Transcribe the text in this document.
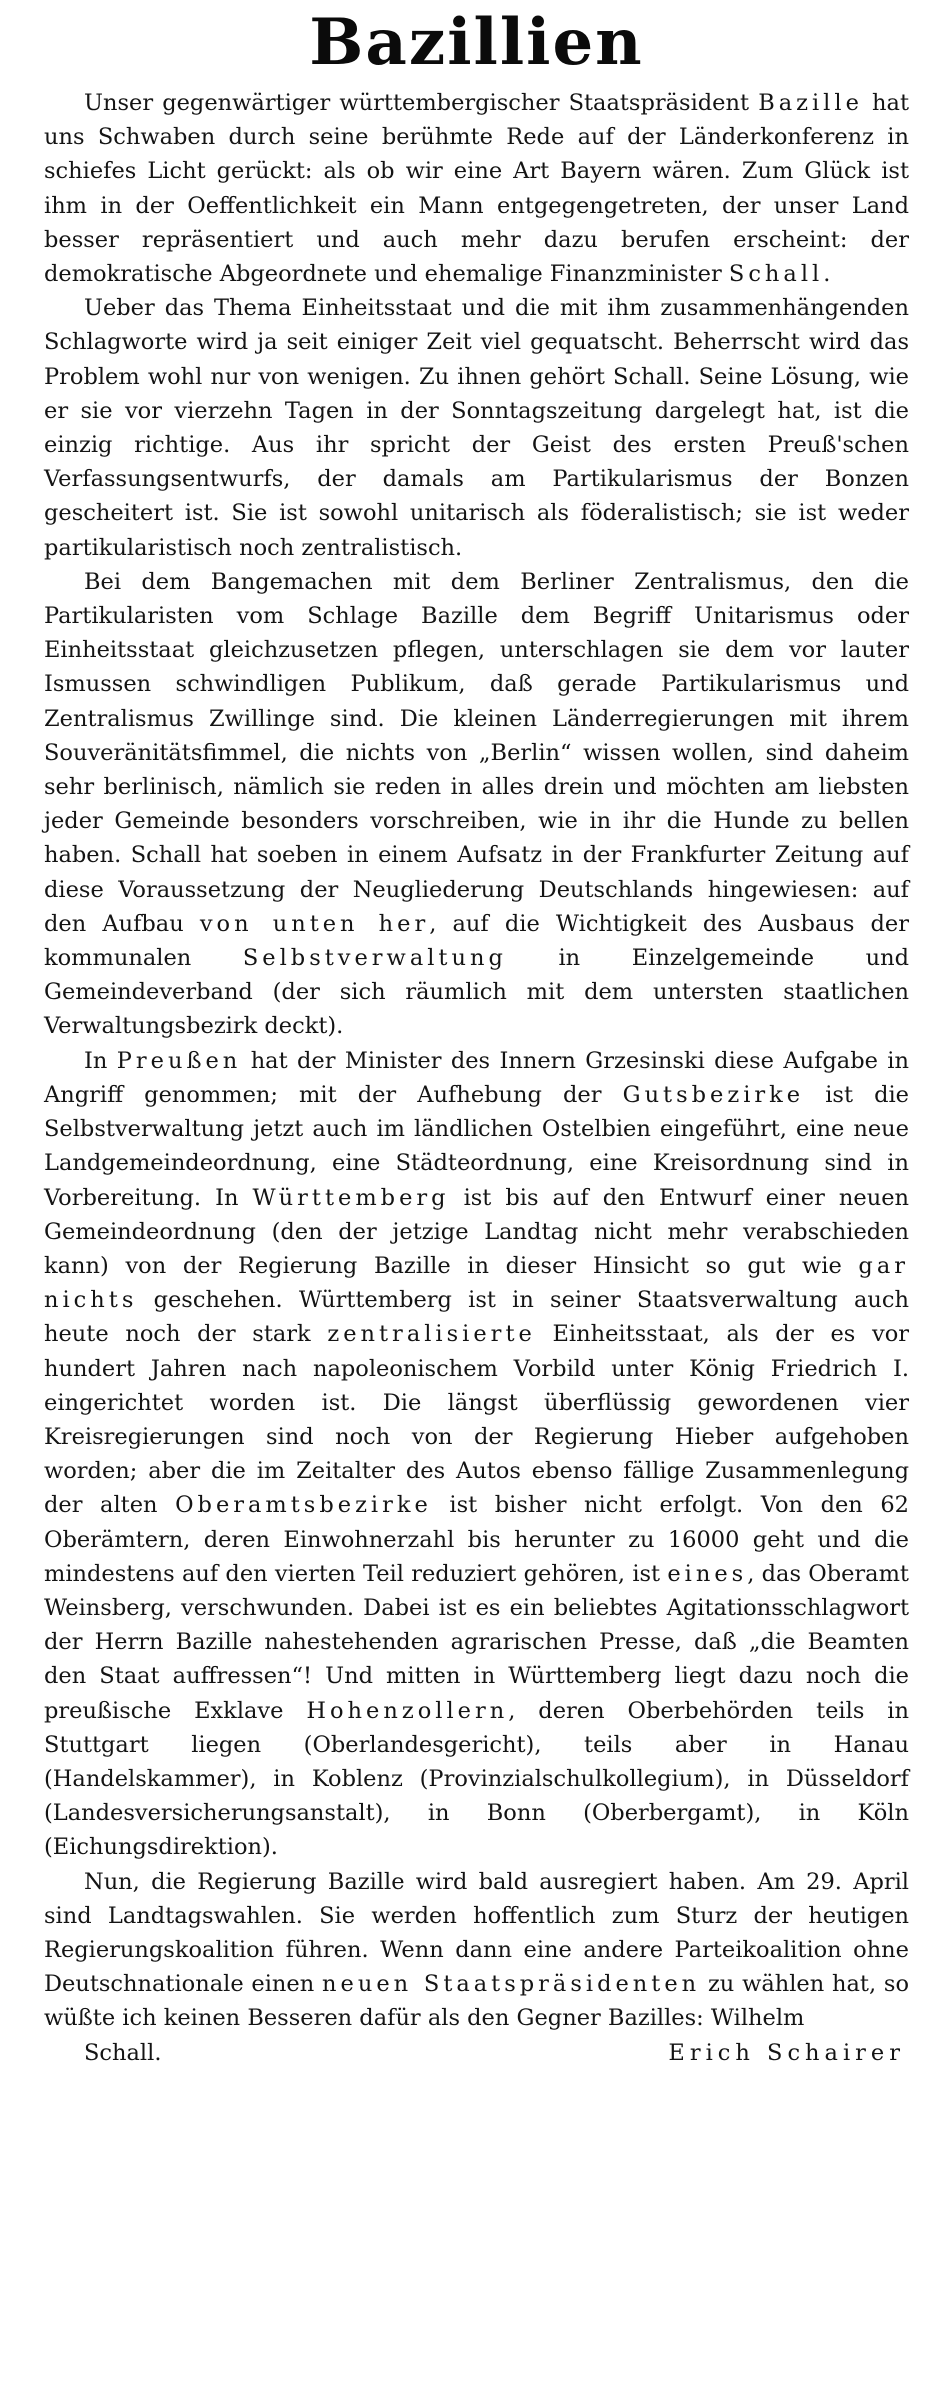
Bazillien

Unser gegenwärtiger württembergischer Staatspräsident Bazille hat uns Schwaben durch seine berühmte Rede auf der Länderkonferenz in schiefes Licht gerückt: als ob wir eine Art Bayern wären. Zum Glück ist ihm in der Oeffentlichkeit ein Mann entgegengetreten, der unser Land besser repräsentiert und auch mehr dazu berufen erscheint: der demokratische Abgeordnete und ehemalige Finanzminister Schall.

Ueber das Thema Einheitsstaat und die mit ihm zusammenhängenden Schlagworte wird ja seit einiger Zeit viel gequatscht. Beherrscht wird das Problem wohl nur von wenigen. Zu ihnen gehört Schall. Seine Lösung, wie er sie vor vierzehn Tagen in der Sonntagszeitung dargelegt hat, ist die einzig richtige. Aus ihr spricht der Geist des ersten Preuß'schen Verfassungsentwurfs, der damals am Partikularismus der Bonzen gescheitert ist. Sie ist sowohl unitarisch als föderalistisch; sie ist weder partikularistisch noch zentralistisch.

Bei dem Bangemachen mit dem Berliner Zentralismus, den die Partikularisten vom Schlage Bazille dem Begriff Unitarismus oder Einheitsstaat gleichzusetzen pflegen, unterschlagen sie dem vor lauter Ismussen schwindligen Publikum, daß gerade Partikularismus und Zentralismus Zwillinge sind. Die kleinen Länderregierungen mit ihrem Souveränitätsfimmel, die nichts von „Berlin“ wissen wollen, sind daheim sehr berlinisch, nämlich sie reden in alles drein und möchten am liebsten jeder Gemeinde besonders vorschreiben, wie in ihr die Hunde zu bellen haben. Schall hat soeben in einem Aufsatz in der Frankfurter Zeitung auf diese Voraussetzung der Neugliederung Deutschlands hingewiesen: auf den Aufbau von unten her, auf die Wichtigkeit des Ausbaus der kommunalen Selbstverwaltung in Einzelgemeinde und Gemeindeverband (der sich räumlich mit dem untersten staatlichen Verwaltungsbezirk deckt).

In Preußen hat der Minister des Innern Grzesinski diese Aufgabe in Angriff genommen; mit der Aufhebung der Gutsbezirke ist die Selbstverwaltung jetzt auch im ländlichen Ostelbien eingeführt, eine neue Landgemeindeordnung, eine Städteordnung, eine Kreisordnung sind in Vorbereitung. In Württemberg ist bis auf den Entwurf einer neuen Gemeindeordnung (den der jetzige Landtag nicht mehr verabschieden kann) von der Regierung Bazille in dieser Hinsicht so gut wie gar nichts geschehen. Württemberg ist in seiner Staatsverwaltung auch heute noch der stark zentralisierte Einheitsstaat, als der es vor hundert Jahren nach napoleonischem Vorbild unter König Friedrich I. eingerichtet worden ist. Die längst überflüssig gewordenen vier Kreisregierungen sind noch von der Regierung Hieber aufgehoben worden; aber die im Zeitalter des Autos ebenso fällige Zusammenlegung der alten Oberamtsbezirke ist bisher nicht erfolgt. Von den 62 Oberämtern, deren Einwohnerzahl bis herunter zu 16000 geht und die mindestens auf den vierten Teil reduziert gehören, ist eines, das Oberamt Weinsberg, verschwunden. Dabei ist es ein beliebtes Agitationsschlagwort der Herrn Bazille nahestehenden agrarischen Presse, daß „die Beamten den Staat auffressen“! Und mitten in Württemberg liegt dazu noch die preußische Exklave Hohenzollern, deren Oberbehörden teils in Stuttgart liegen (Oberlandesgericht), teils aber in Hanau (Handelskammer), in Koblenz (Provinzialschulkollegium), in Düsseldorf (Landesversicherungsanstalt), in Bonn (Oberbergamt), in Köln (Eichungsdirektion).

Nun, die Regierung Bazille wird bald ausregiert haben. Am 29. April sind Landtagswahlen. Sie werden hoffentlich zum Sturz der heutigen Regierungskoalition führen. Wenn dann eine andere Parteikoalition ohne Deutschnationale einen neuen Staatspräsidenten zu wählen hat, so wüßte ich keinen Besseren dafür als den Gegner Bazilles: Wilhelm

Schall.	Erich Schairer
